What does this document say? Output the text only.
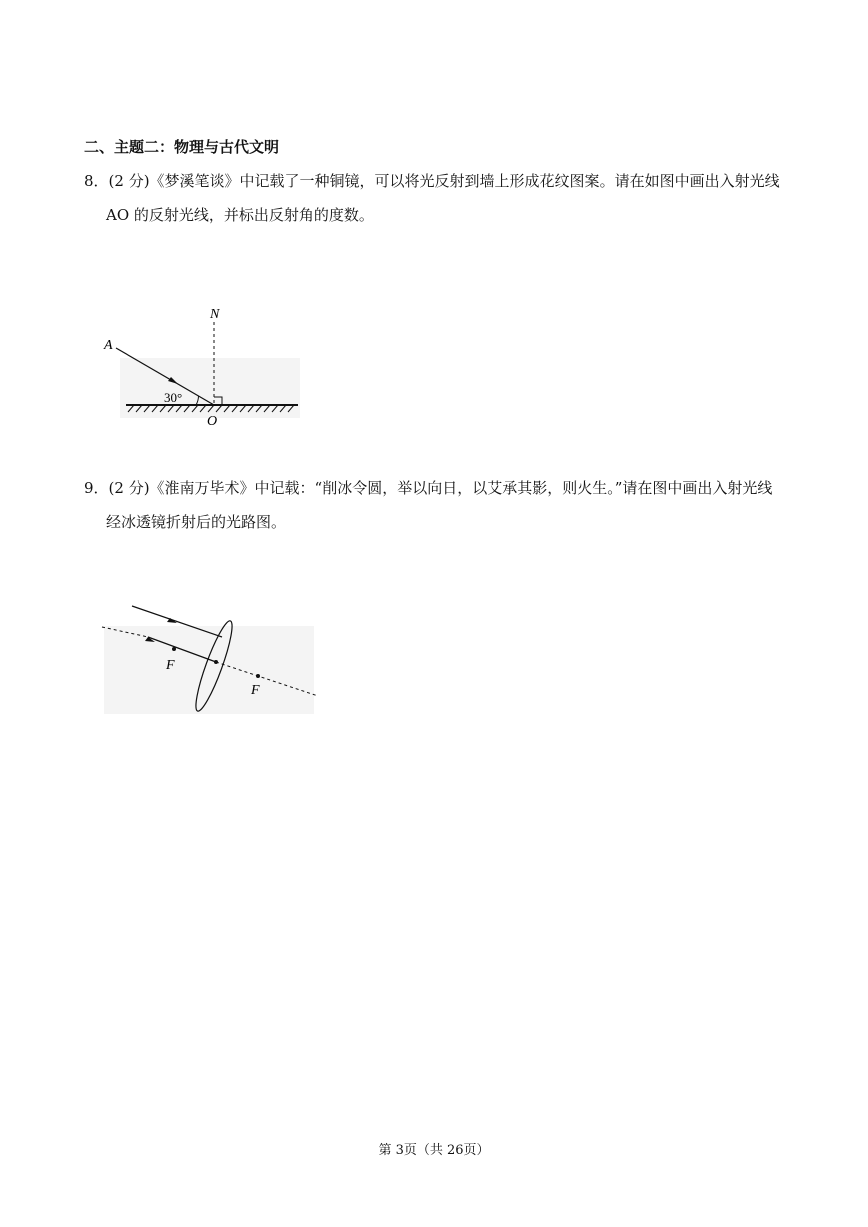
二、主题二：物理与古代文明
8．(2 分)《梦溪笔谈》中记载了一种铜镜，可以将光反射到墙上形成花纹图案。请在如图中画出入射光线
AO 的反射光线，并标出反射角的度数。
A
N
O
30°
9．(2 分)《淮南万毕术》中记载：“削冰令圆，举以向日，以艾承其影，则火生。”请在图中画出入射光线
经冰透镜折射后的光路图。
F
F
第 3页（共 26页）
